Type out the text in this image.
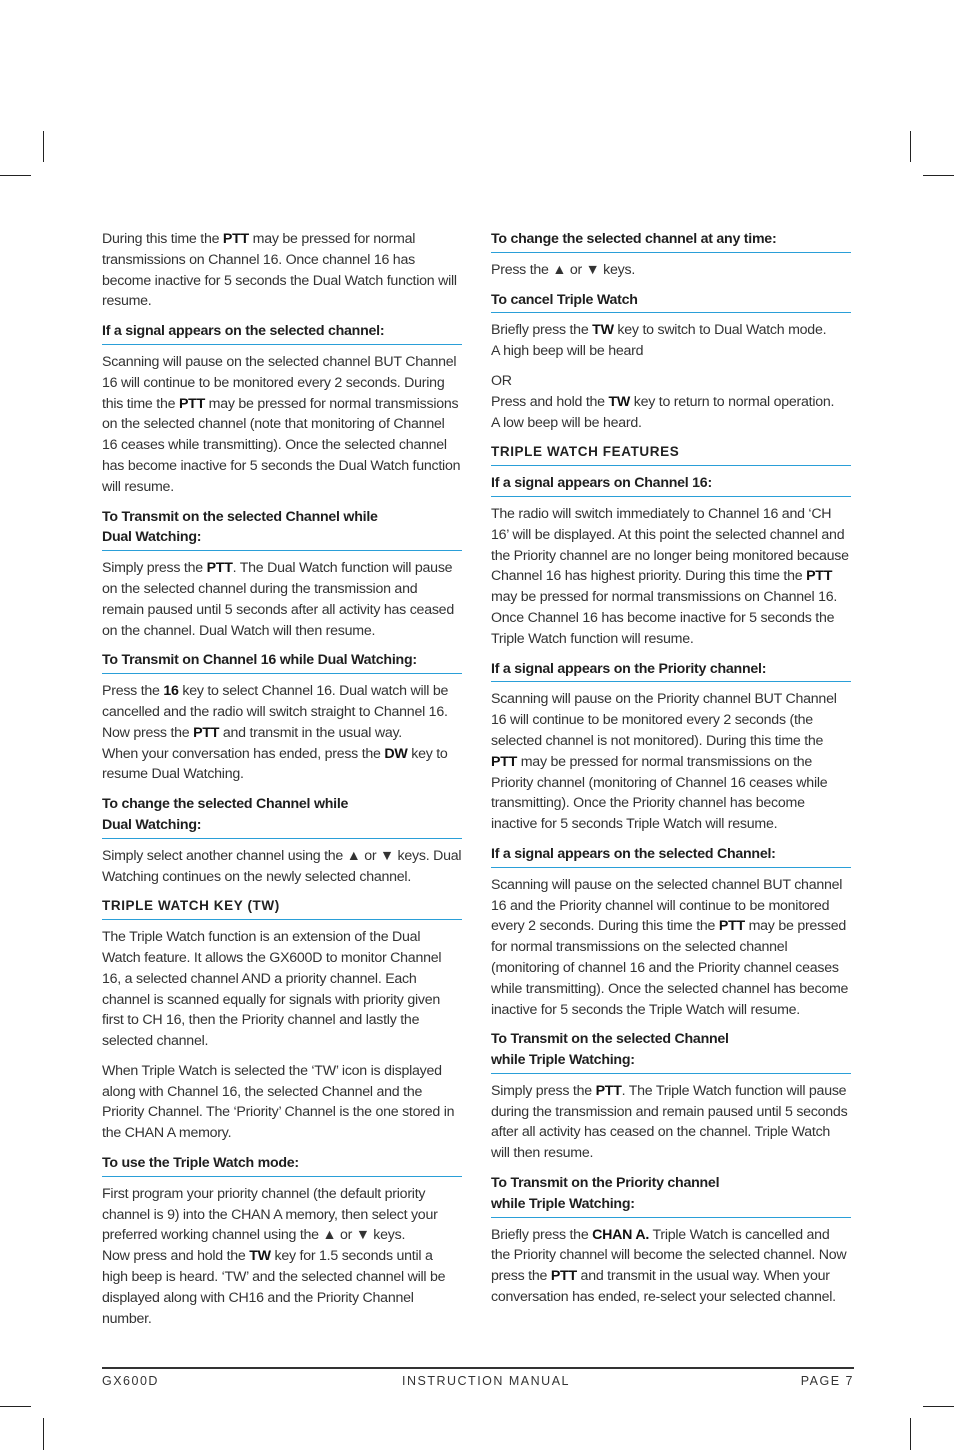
During this time the PTT may be pressed for normal transmissions on Channel 16. Once channel 16 has become inactive for 5 seconds the Dual Watch function will resume.

If a signal appears on the selected channel:

Scanning will pause on the selected channel BUT Channel 16 will continue to be monitored every 2 seconds. During this time the PTT may be pressed for normal transmissions on the selected channel (note that monitoring of Channel 16 ceases while transmitting). Once the selected channel has become inactive for 5 seconds the Dual Watch function will resume.

To Transmit on the selected Channel while
Dual Watching:

Simply press the PTT. The Dual Watch function will pause on the selected channel during the transmission and remain paused until 5 seconds after all activity has ceased on the channel. Dual Watch will then resume.

To Transmit on Channel 16 while Dual Watching:

Press the 16 key to select Channel 16. Dual watch will be cancelled and the radio will switch straight to Channel 16.
Now press the PTT and transmit in the usual way.
When your conversation has ended, press the DW key to resume Dual Watching.

To change the selected Channel while
Dual Watching:

Simply select another channel using the ▲ or ▼ keys. Dual Watching continues on the newly selected channel.

TRIPLE WATCH KEY (TW)

The Triple Watch function is an extension of the Dual Watch feature. It allows the GX600D to monitor Channel 16, a selected channel AND a priority channel. Each channel is scanned equally for signals with priority given first to CH 16, then the Priority channel and lastly the selected channel.

When Triple Watch is selected the ‘TW’ icon is displayed along with Channel 16, the selected Channel and the Priority Channel. The ‘Priority’ Channel is the one stored in the CHAN A memory.

To use the Triple Watch mode:

First program your priority channel (the default priority channel is 9) into the CHAN A memory, then select your preferred working channel using the ▲ or ▼ keys.
Now press and hold the TW key for 1.5 seconds until a high beep is heard. ‘TW’ and the selected channel will be displayed along with CH16 and the Priority Channel number.

To change the selected channel at any time:

Press the ▲ or ▼ keys.

To cancel Triple Watch

Briefly press the TW key to switch to Dual Watch mode.
A high beep will be heard

OR

Press and hold the TW key to return to normal operation.
A low beep will be heard.

TRIPLE WATCH FEATURES
If a signal appears on Channel 16:

The radio will switch immediately to Channel 16 and ‘CH 16’ will be displayed. At this point the selected channel and the Priority channel are no longer being monitored because Channel 16 has highest priority. During this time the PTT may be pressed for normal transmissions on Channel 16. Once Channel 16 has become inactive for 5 seconds the Triple Watch function will resume.

If a signal appears on the Priority channel:

Scanning will pause on the Priority channel BUT Channel 16 will continue to be monitored every 2 seconds (the selected channel is not monitored). During this time the PTT may be pressed for normal transmissions on the Priority channel (monitoring of Channel 16 ceases while transmitting). Once the Priority channel has become inactive for 5 seconds Triple Watch will resume.

If a signal appears on the selected Channel:

Scanning will pause on the selected channel BUT channel 16 and the Priority channel will continue to be monitored every 2 seconds. During this time the PTT may be pressed for normal transmissions on the selected channel (monitoring of channel 16 and the Priority channel ceases while transmitting). Once the selected channel has become inactive for 5 seconds the Triple Watch will resume.

To Transmit on the selected Channel
while Triple Watching:

Simply press the PTT. The Triple Watch function will pause during the transmission and remain paused until 5 seconds after all activity has ceased on the channel. Triple Watch will then resume.

To Transmit on the Priority channel
while Triple Watching:

Briefly press the CHAN A. Triple Watch is cancelled and the Priority channel will become the selected channel. Now press the PTT and transmit in the usual way. When your conversation has ended, re-select your selected channel.

GX600D	INSTRUCTION MANUAL	PAGE 7
